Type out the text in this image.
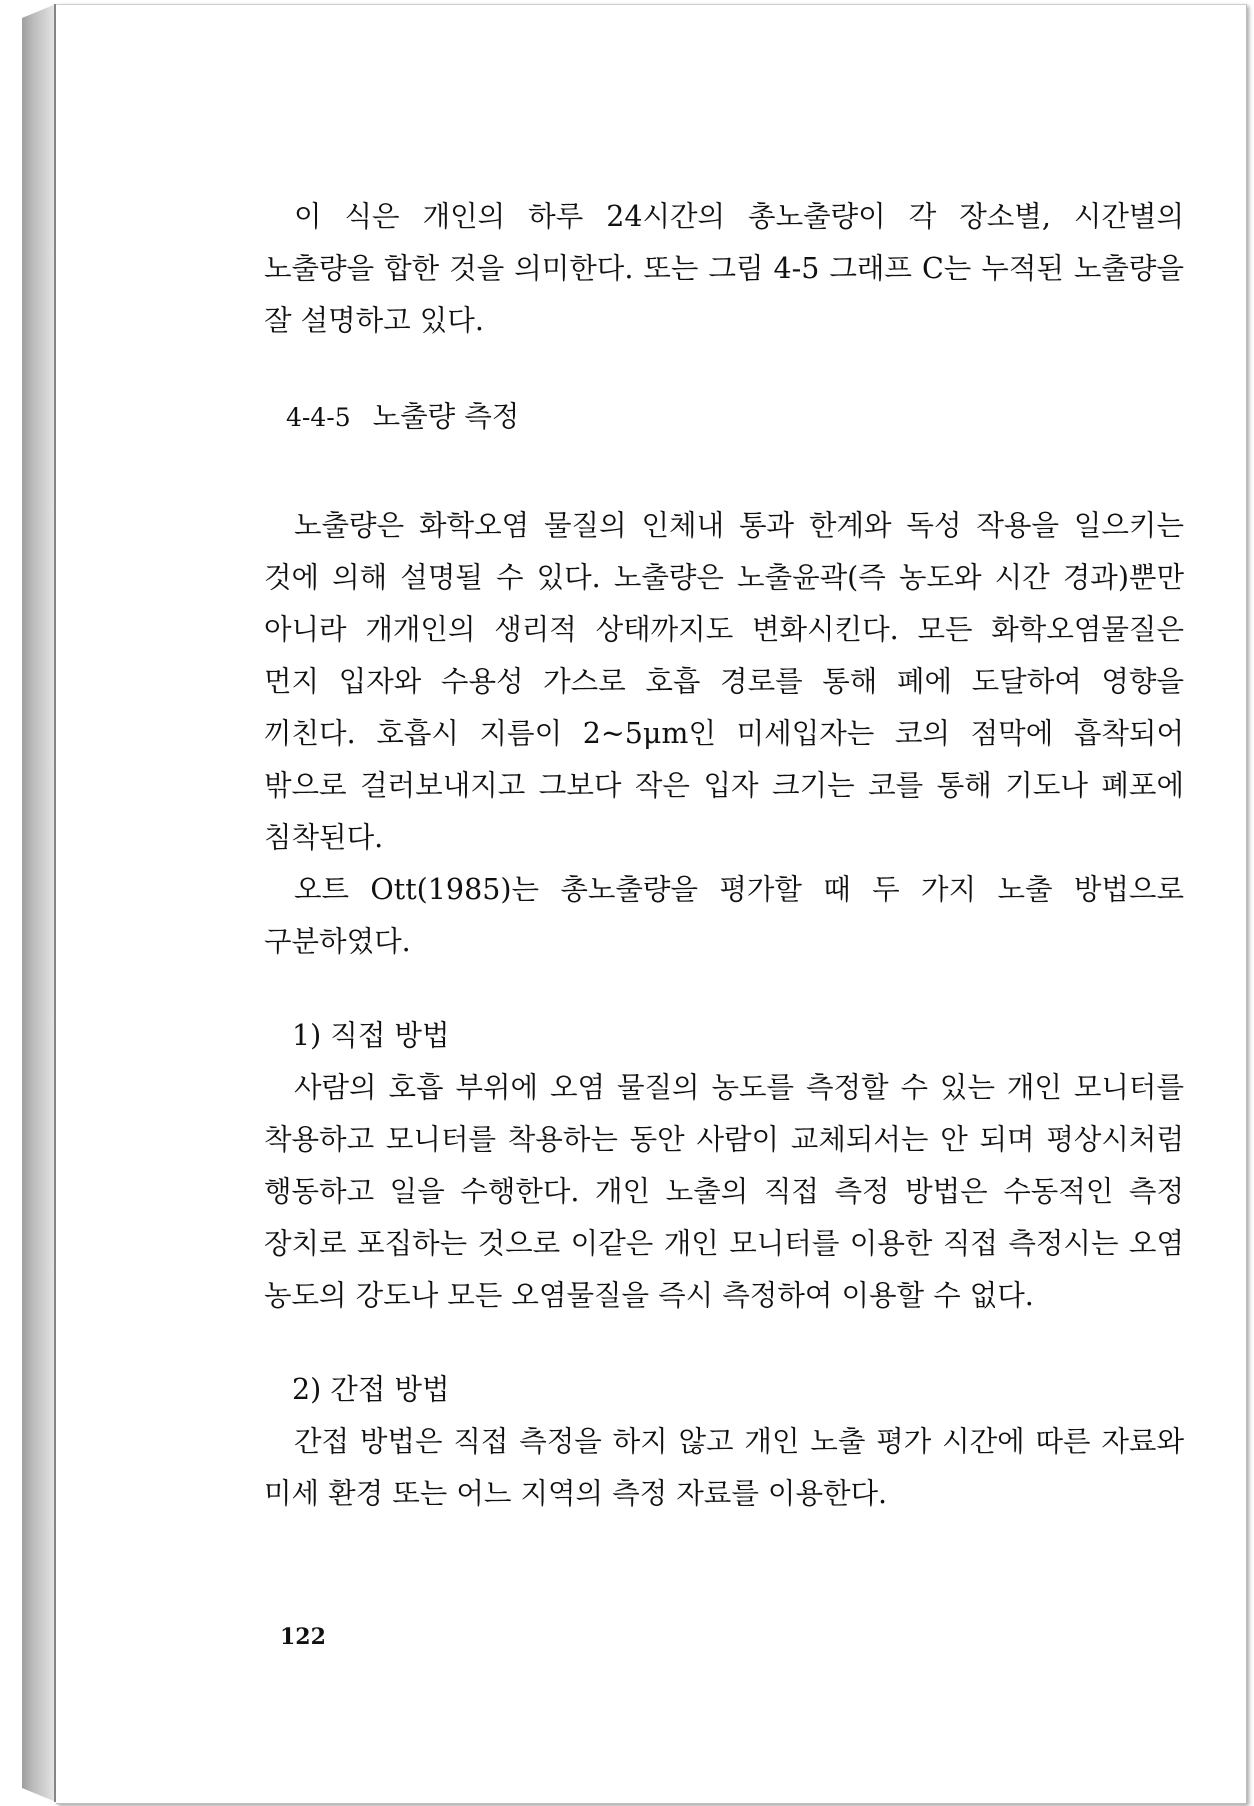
이 식은 개인의 하루 24시간의 총노출량이 각 장소별, 시간별의 노출량을 합한 것을 의미한다. 또는 그림 4-5 그래프 C는 누적된 노출량을 잘 설명하고 있다.

4-4-5 노출량 측정

노출량은 화학오염 물질의 인체내 통과 한계와 독성 작용을 일으키는 것에 의해 설명될 수 있다. 노출량은 노출윤곽(즉 농도와 시간 경과)뿐만 아니라 개개인의 생리적 상태까지도 변화시킨다. 모든 화학오염물질은 먼지 입자와 수용성 가스로 호흡 경로를 통해 폐에 도달하여 영향을 끼친다. 호흡시 지름이 2~5μm인 미세입자는 코의 점막에 흡착되어 밖으로 걸러보내지고 그보다 작은 입자 크기는 코를 통해 기도나 폐포에 침착된다.

오트 Ott(1985)는 총노출량을 평가할 때 두 가지 노출 방법으로 구분하였다.

1) 직접 방법

사람의 호흡 부위에 오염 물질의 농도를 측정할 수 있는 개인 모니터를 착용하고 모니터를 착용하는 동안 사람이 교체되서는 안 되며 평상시처럼 행동하고 일을 수행한다. 개인 노출의 직접 측정 방법은 수동적인 측정 장치로 포집하는 것으로 이같은 개인 모니터를 이용한 직접 측정시는 오염 농도의 강도나 모든 오염물질을 즉시 측정하여 이용할 수 없다.

2) 간접 방법

간접 방법은 직접 측정을 하지 않고 개인 노출 평가 시간에 따른 자료와 미세 환경 또는 어느 지역의 측정 자료를 이용한다.

122
